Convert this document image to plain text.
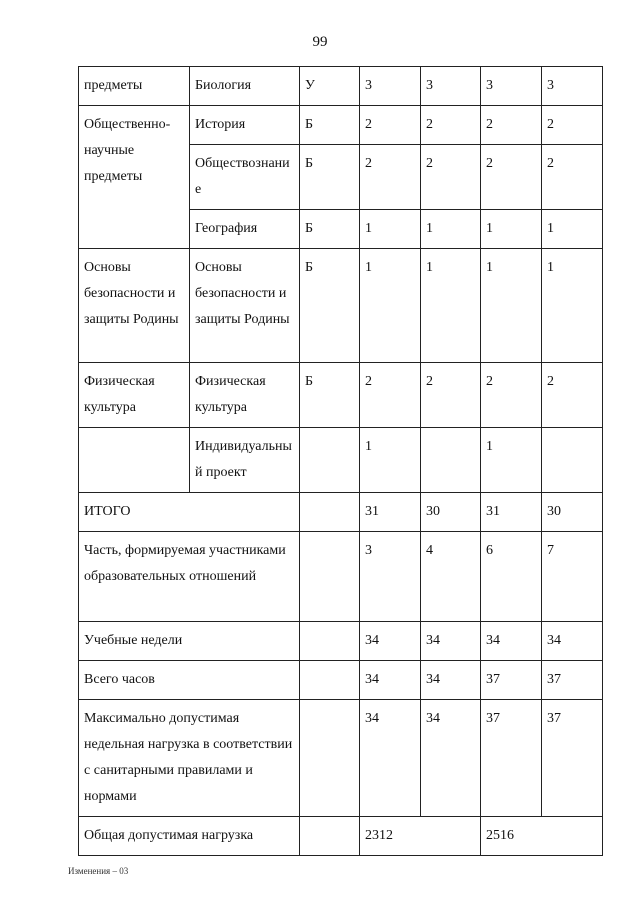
99
предметы	Биология	У	3	3	3	3
Общественно-научные предметы	История	Б	2	2	2	2
	Обществознание	Б	2	2	2	2
	География	Б	1	1	1	1
Основы безопасности и защиты Родины	Основы безопасности и защиты Родины	Б	1	1	1	1
Физическая культура	Физическая культура	Б	2	2	2	2
	Индивидуальный проект		1		1	
ИТОГО			31	30	31	30
Часть, формируемая участниками образовательных отношений			3	4	6	7
Учебные недели			34	34	34	34
Всего часов			34	34	37	37
Максимально допустимая недельная нагрузка в соответствии с санитарными правилами и нормами			34	34	37	37
Общая допустимая нагрузка			2312		2516	
Изменения – 03
